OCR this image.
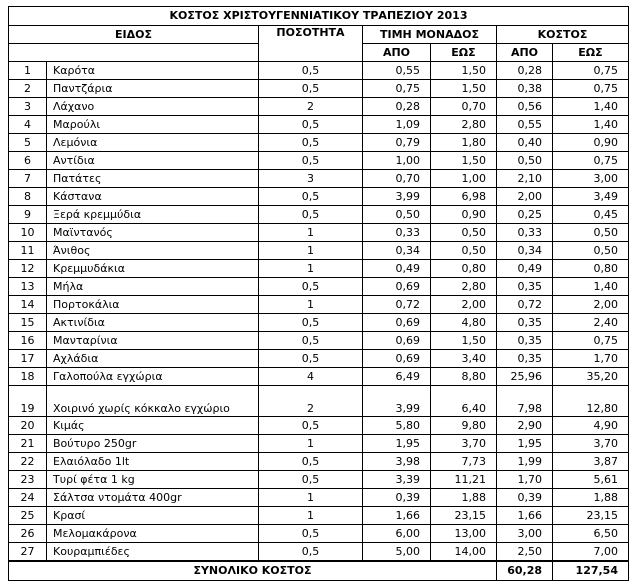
ΚΟΣΤΟΣ ΧΡΙΣΤΟΥΓΕΝΝΙΑΤΙΚΟΥ ΤΡΑΠΕΖΙΟΥ 2013						
ΕΙΔΟΣ		ΠΟΣΟΤΗΤΑ	ΤΙΜΗ ΜΟΝΑΔΟΣ		ΚΟΣΤΟΣ	
			ΑΠΟ	ΕΩΣ	ΑΠΟ	ΕΩΣ
1	Καρότα	0,5	0,55	1,50	0,28	0,75
2	Παντζάρια	0,5	0,75	1,50	0,38	0,75
3	Λάχανο	2	0,28	0,70	0,56	1,40
4	Μαρούλι	0,5	1,09	2,80	0,55	1,40
5	Λεμόνια	0,5	0,79	1,80	0,40	0,90
6	Αντίδια	0,5	1,00	1,50	0,50	0,75
7	Πατάτες	3	0,70	1,00	2,10	3,00
8	Κάστανα	0,5	3,99	6,98	2,00	3,49
9	Ξερά κρεμμύδια	0,5	0,50	0,90	0,25	0,45
10	Μαϊντανός	1	0,33	0,50	0,33	0,50
11	Άνιθος	1	0,34	0,50	0,34	0,50
12	Κρεμμυδάκια	1	0,49	0,80	0,49	0,80
13	Μήλα	0,5	0,69	2,80	0,35	1,40
14	Πορτοκάλια	1	0,72	2,00	0,72	2,00
15	Ακτινίδια	0,5	0,69	4,80	0,35	2,40
16	Μανταρίνια	0,5	0,69	1,50	0,35	0,75
17	Αχλάδια	0,5	0,69	3,40	0,35	1,70
18	Γαλοπούλα εγχώρια	4	6,49	8,80	25,96	35,20
19	Χοιρινό χωρίς κόκκαλο εγχώριο	2	3,99	6,40	7,98	12,80
20	Κιμάς	0,5	5,80	9,80	2,90	4,90
21	Βούτυρο 250gr	1	1,95	3,70	1,95	3,70
22	Ελαιόλαδο 1lt	0,5	3,98	7,73	1,99	3,87
23	Τυρί φέτα 1 kg	0,5	3,39	11,21	1,70	5,61
24	Σάλτσα ντομάτα 400gr	1	0,39	1,88	0,39	1,88
25	Κρασί	1	1,66	23,15	1,66	23,15
26	Μελομακάρονα	0,5	6,00	13,00	3,00	6,50
27	Κουραμπιέδες	0,5	5,00	14,00	2,50	7,00
ΣΥΝΟΛΙΚΟ ΚΟΣΤΟΣ					60,28	127,54
